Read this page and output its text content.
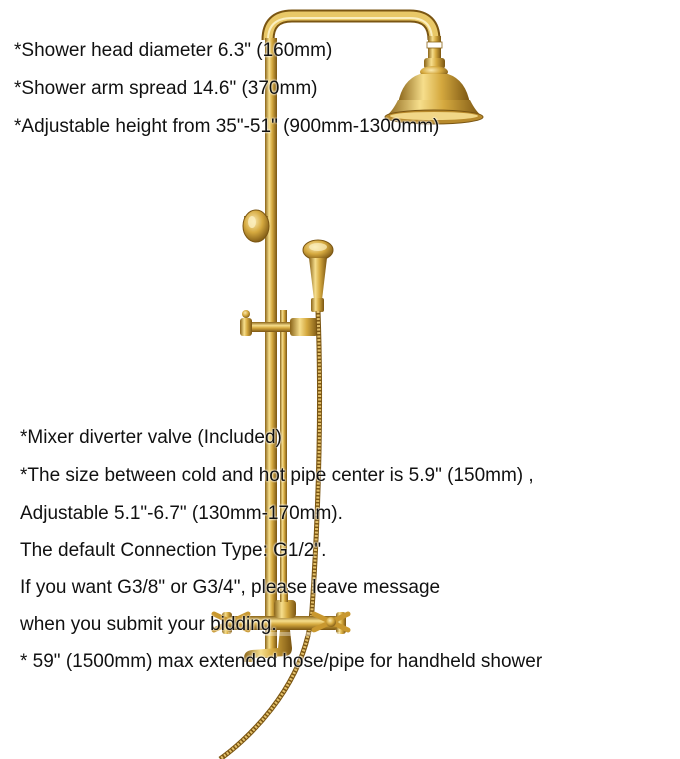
*Shower head diameter 6.3" (160mm)

*Shower arm spread 14.6" (370mm)

*Adjustable height from 35"-51" (900mm-1300mm)

*Mixer diverter valve (Included)

*The size between cold and hot pipe center is 5.9" (150mm) ,

Adjustable 5.1"-6.7" (130mm-170mm).

The default Connection Type: G1/2".

If you want G3/8" or G3/4", please leave message

when you submit your bidding.

* 59" (1500mm) max extended hose/pipe for handheld shower
